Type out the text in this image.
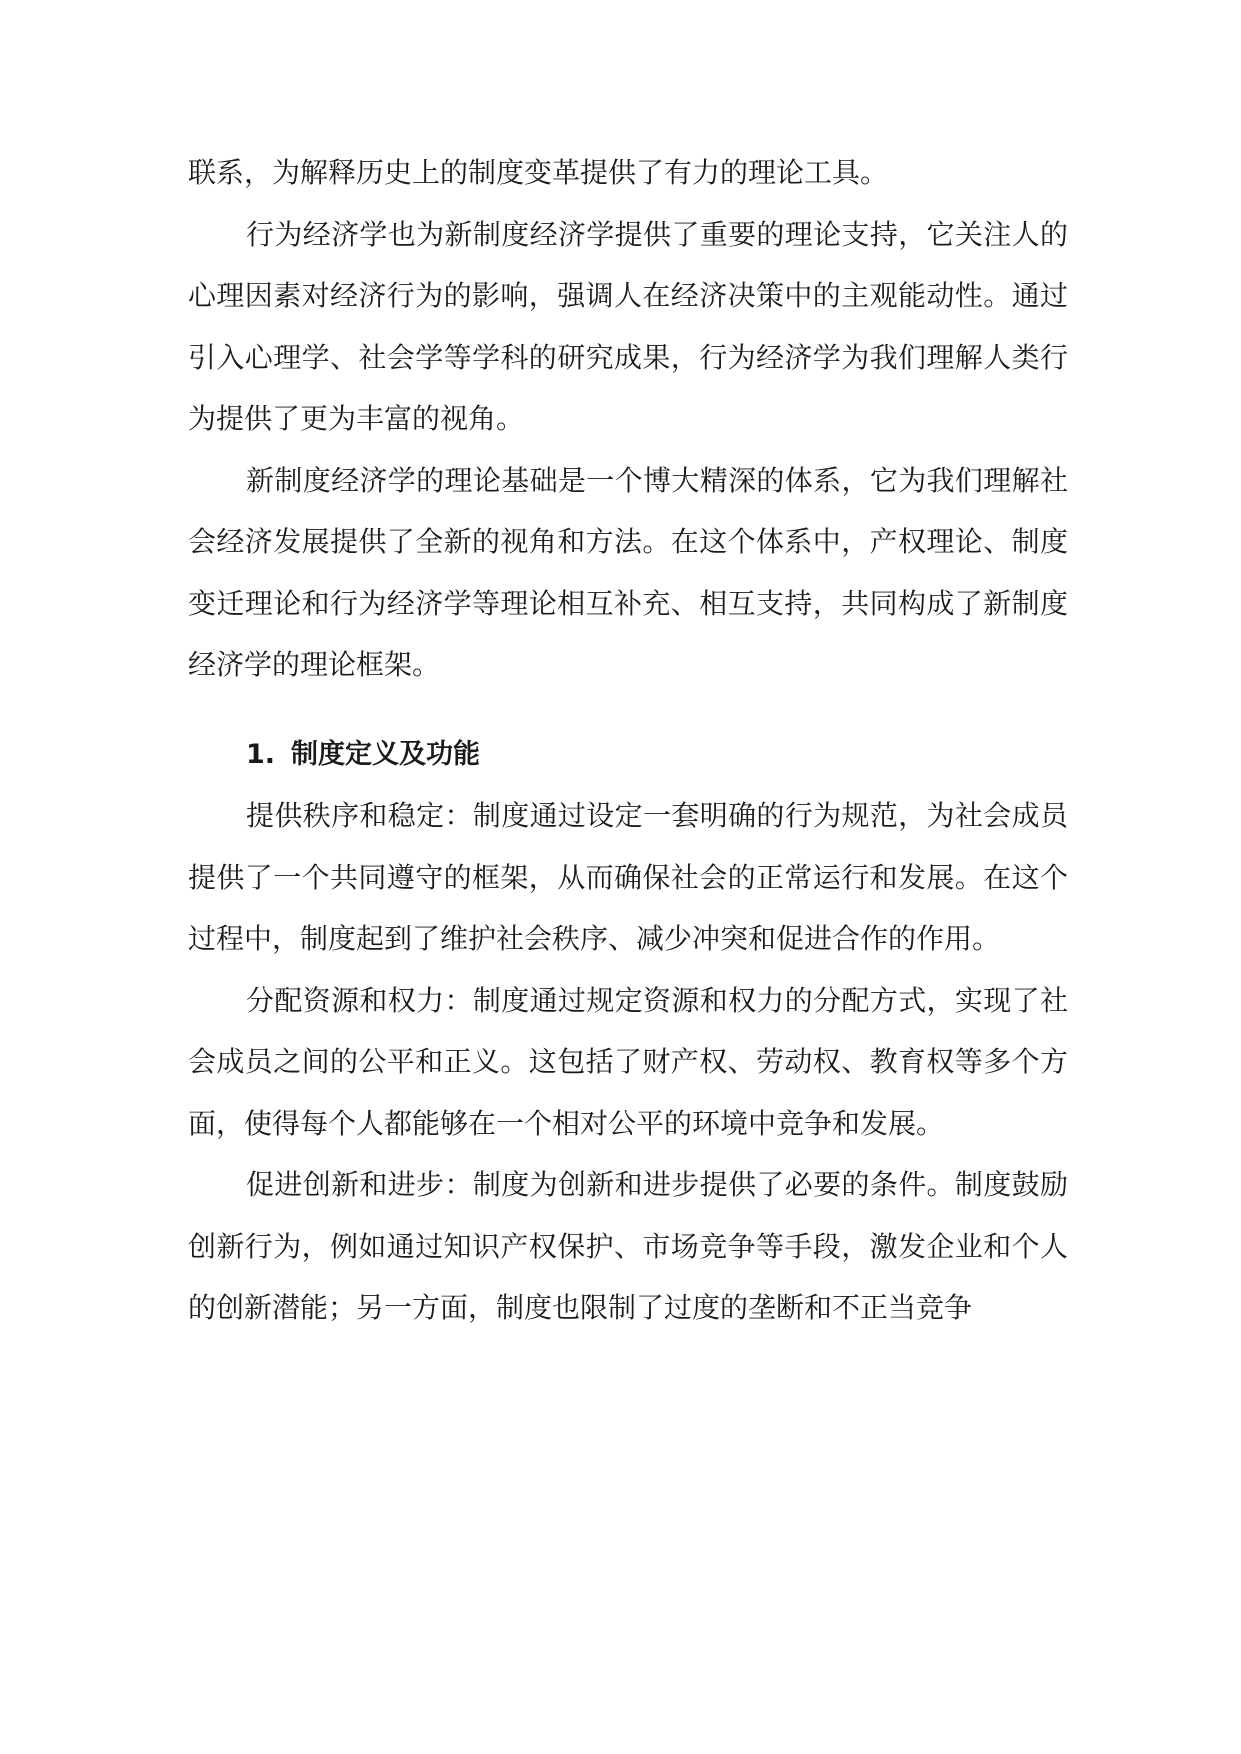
联系，为解释历史上的制度变革提供了有力的理论工具。

行为经济学也为新制度经济学提供了重要的理论支持，它关注人的心理因素对经济行为的影响，强调人在经济决策中的主观能动性。通过引入心理学、社会学等学科的研究成果，行为经济学为我们理解人类行为提供了更为丰富的视角。

新制度经济学的理论基础是一个博大精深的体系，它为我们理解社会经济发展提供了全新的视角和方法。在这个体系中，产权理论、制度变迁理论和行为经济学等理论相互补充、相互支持，共同构成了新制度经济学的理论框架。

1. 制度定义及功能

提供秩序和稳定：制度通过设定一套明确的行为规范，为社会成员提供了一个共同遵守的框架，从而确保社会的正常运行和发展。在这个过程中，制度起到了维护社会秩序、减少冲突和促进合作的作用。

分配资源和权力：制度通过规定资源和权力的分配方式，实现了社会成员之间的公平和正义。这包括了财产权、劳动权、教育权等多个方面，使得每个人都能够在一个相对公平的环境中竞争和发展。

促进创新和进步：制度为创新和进步提供了必要的条件。制度鼓励创新行为，例如通过知识产权保护、市场竞争等手段，激发企业和个人的创新潜能；另一方面，制度也限制了过度的垄断和不正当竞争
